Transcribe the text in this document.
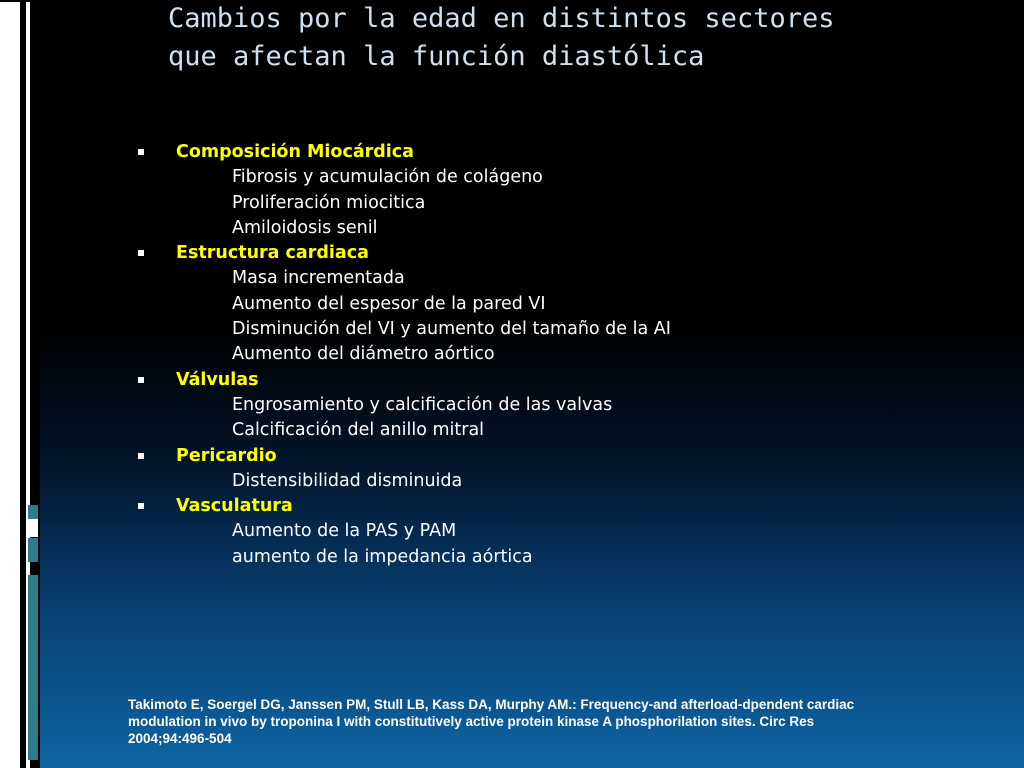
Cambios por la edad en distintos sectores
que afectan la función diastólica
Composición Miocárdica
Fibrosis y acumulación de colágeno
Proliferación miocitica
Amiloidosis senil
Estructura cardiaca
Masa incrementada
Aumento del espesor de la pared VI
Disminución del VI y aumento del tamaño de la AI
Aumento del diámetro aórtico
Válvulas
Engrosamiento y calcificación de las valvas
Calcificación del anillo mitral
Pericardio
Distensibilidad disminuida
Vasculatura
Aumento de la PAS y PAM
aumento de la impedancia aórtica
Takimoto E, Soergel DG, Janssen PM, Stull LB, Kass DA, Murphy AM.: Frequency-and afterload-dpendent cardiac
modulation in vivo by troponina I with constitutively active protein kinase A phosphorilation sites. Circ Res
2004;94:496-504
